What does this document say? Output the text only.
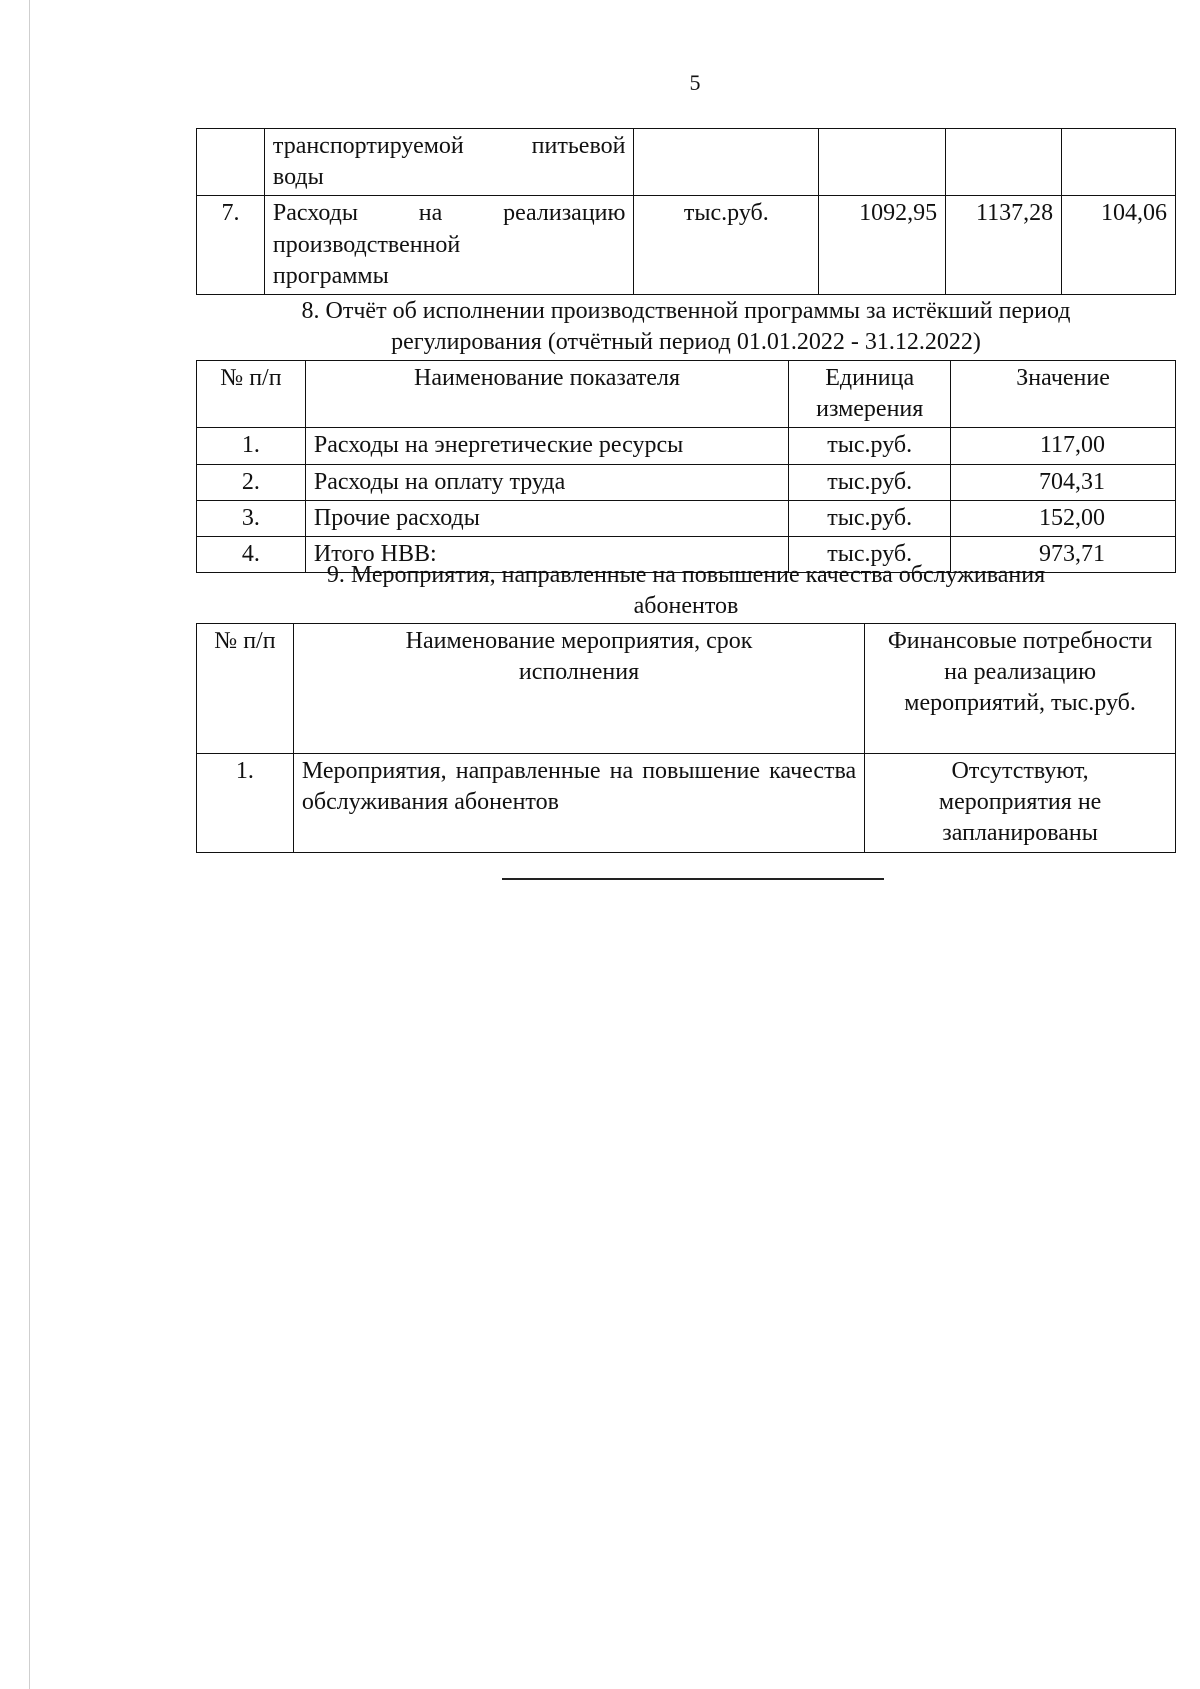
5

	транспортируемой питьевой
воды				

7.	Расходы на реализацию
производственной
программы	тыс.руб.	1092,95	1137,28	104,06
8. Отчёт об исполнении производственной программы за истёкший период
регулирования (отчётный период 01.01.2022 - 31.12.2022)
№ п/п	Наименование показателя	Единица измерения	Значение
1.	Расходы на энергетические ресурсы	тыс.руб.	117,00
2.	Расходы на оплату труда	тыс.руб.	704,31
3.	Прочие расходы	тыс.руб.	152,00
4.	Итого НВВ:	тыс.руб.	973,71
9. Мероприятия, направленные на повышение качества обслуживания
абонентов
№ п/п	Наименование мероприятия, срок исполнения	Финансовые потребности на реализацию мероприятий, тыс.руб.
1.	Мероприятия, направленные на повышение качества обслуживания абонентов	Отсутствуют, мероприятия не запланированы
